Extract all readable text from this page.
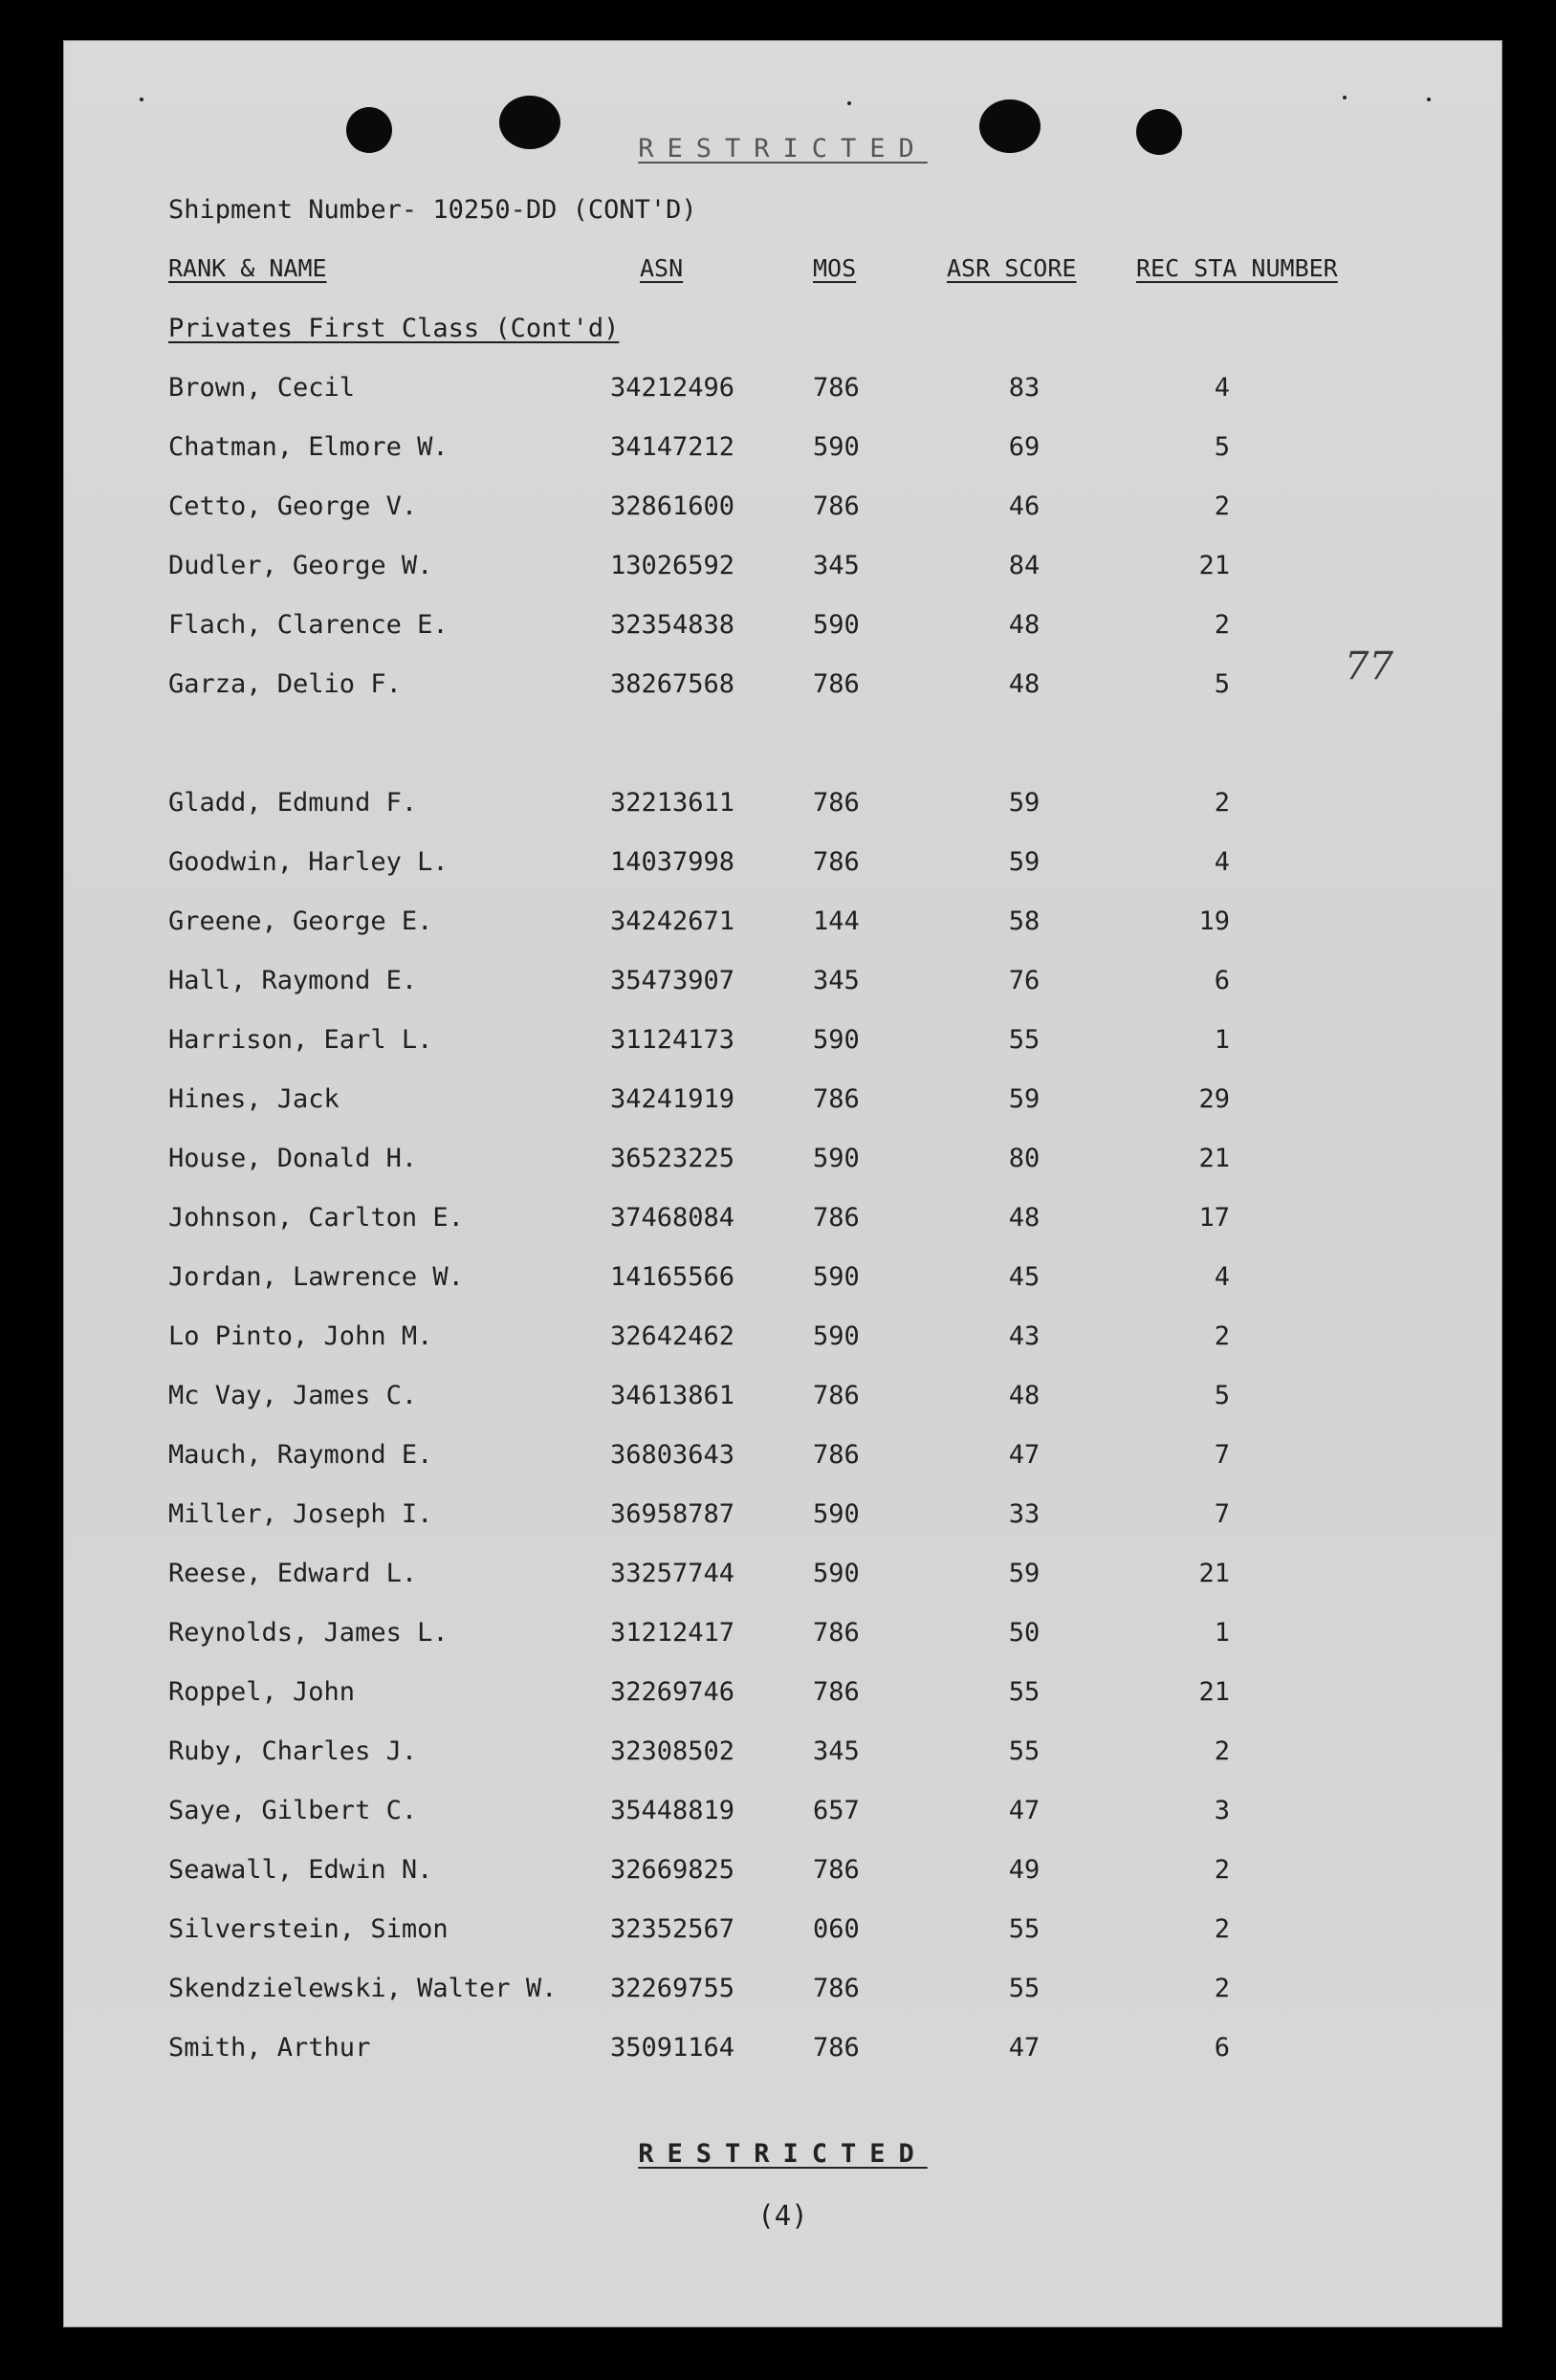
RESTRICTED
Shipment Number- 10250-DD (CONT'D)
RANK & NAME	ASN	MOS	ASR SCORE	REC STA NUMBER
Privates First Class (Cont'd)
Brown, Cecil	34212496	786	83	4
Chatman, Elmore W.	34147212	590	69	5
Cetto, George V.	32861600	786	46	2
Dudler, George W.	13026592	345	84	21
Flach, Clarence E.	32354838	590	48	2
Garza, Delio F.	38267568	786	48	5
Gladd, Edmund F.	32213611	786	59	2
Goodwin, Harley L.	14037998	786	59	4
Greene, George E.	34242671	144	58	19
Hall, Raymond E.	35473907	345	76	6
Harrison, Earl L.	31124173	590	55	1
Hines, Jack	34241919	786	59	29
House, Donald H.	36523225	590	80	21
Johnson, Carlton E.	37468084	786	48	17
Jordan, Lawrence W.	14165566	590	45	4
Lo Pinto, John M.	32642462	590	43	2
Mc Vay, James C.	34613861	786	48	5
Mauch, Raymond E.	36803643	786	47	7
Miller, Joseph I.	36958787	590	33	7
Reese, Edward L.	33257744	590	59	21
Reynolds, James L.	31212417	786	50	1
Roppel, John	32269746	786	55	21
Ruby, Charles J.	32308502	345	55	2
Saye, Gilbert C.	35448819	657	47	3
Seawall, Edwin N.	32669825	786	49	2
Silverstein, Simon	32352567	060	55	2
Skendzielewski, Walter W. 32269755	786	55	2
Smith, Arthur	35091164	786	47	6
77
RESTRICTED
(4)
